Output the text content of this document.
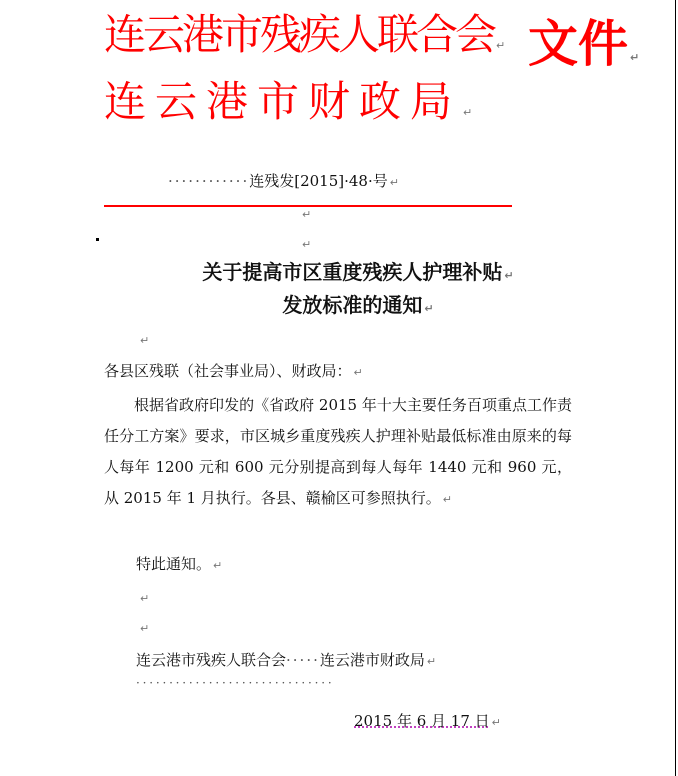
连云港市残疾人联合会 ↵ 文件 ↵
连云港市财政局 ↵
············连残发[2015]·48·号 ↵
↵
↵
关于提高市区重度残疾人护理补贴 ↵
发放标准的通知 ↵
↵
各县区残联（社会事业局）、财政局： ↵
根据省政府印发的《省政府 2015 年十大主要任务百项重点工作责任分工方案》要求，市区城乡重度残疾人护理补贴最低标准由原来的每人每年 1200 元和 600 元分别提高到每人每年 1440 元和 960 元，从 2015 年 1 月执行。各县、赣榆区可参照执行。 ↵
特此通知。 ↵
↵
↵
连云港市残疾人联合会·····连云港市财政局 ↵
······························
2015 年 6 月 17 日 ↵
